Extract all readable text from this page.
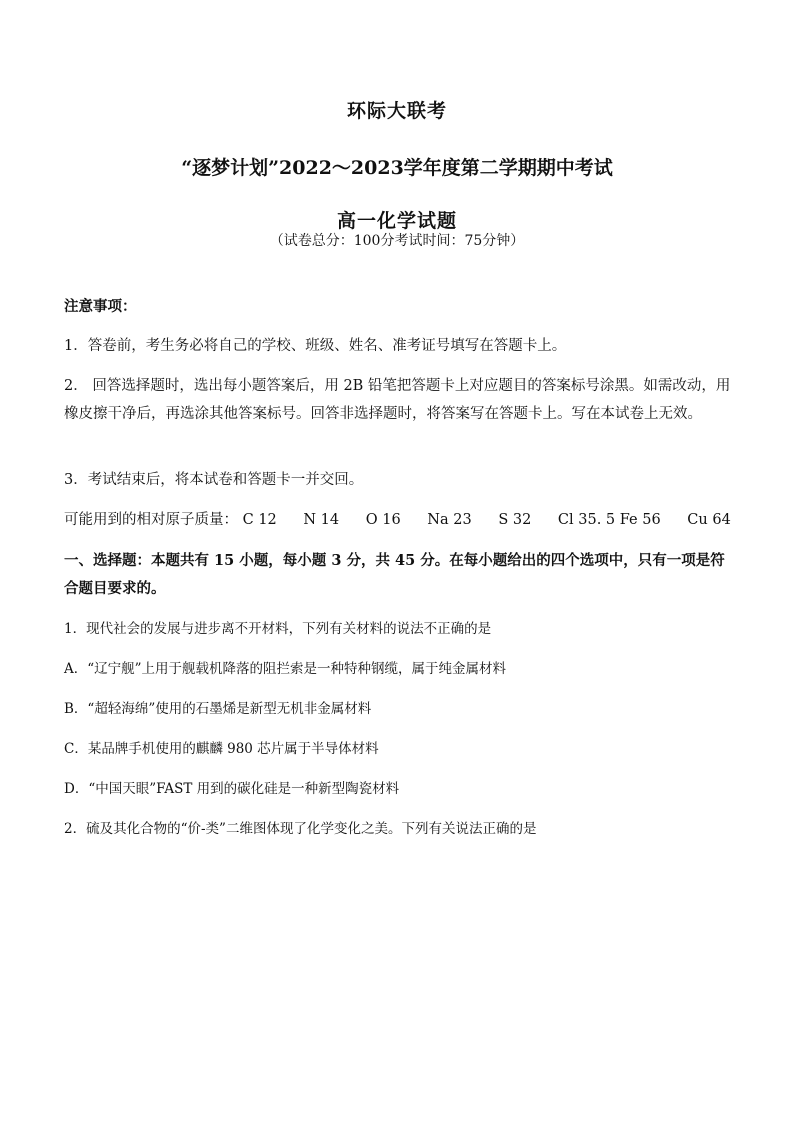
环际大联考
“逐梦计划”2022～2023学年度第二学期期中考试
高一化学试题
（试卷总分：100分考试时间：75分钟）
注意事项：
1．答卷前，考生务必将自己的学校、班级、姓名、准考证号填写在答题卡上。
2． 回答选择题时，选出每小题答案后，用 2B 铅笔把答题卡上对应题目的答案标号涂黑。如需改动，用橡皮擦干净后，再选涂其他答案标号。回答非选择题时，将答案写在答题卡上。写在本试卷上无效。
3．考试结束后，将本试卷和答题卡一并交回。
可能用到的相对原子质量： C 12 N 14 O 16 Na 23 S 32 Cl 35. 5 Fe 56 Cu 64
一、选择题：本题共有 15 小题，每小题 3 分，共 45 分。在每小题给出的四个选项中，只有一项是符合题目要求的。
1．现代社会的发展与进步离不开材料，下列有关材料的说法不正确的是
A．“辽宁舰”上用于舰载机降落的阻拦索是一种特种钢缆，属于纯金属材料
B．“超轻海绵”使用的石墨烯是新型无机非金属材料
C．某品牌手机使用的麒麟 980 芯片属于半导体材料
D．“中国天眼”FAST 用到的碳化硅是一种新型陶瓷材料
2．硫及其化合物的“价-类”二维图体现了化学变化之美。下列有关说法正确的是
